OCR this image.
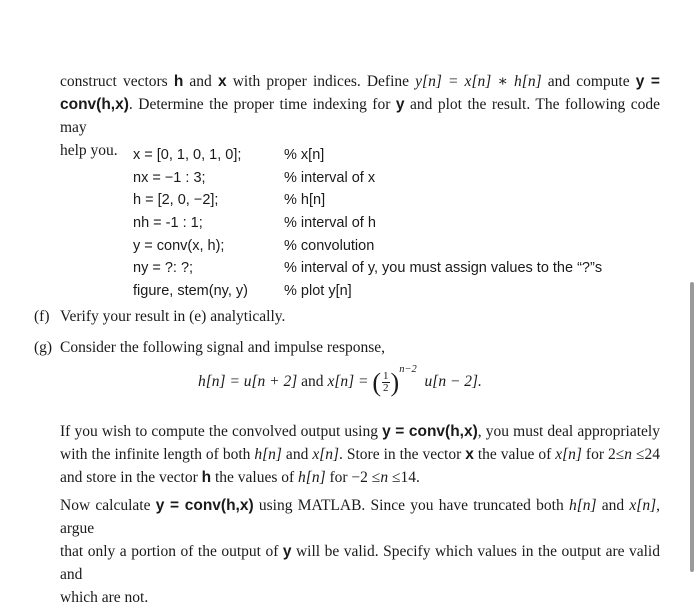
construct vectors h and x with proper indices. Define y[n] = x[n] ∗ h[n] and compute y =
conv(h,x). Determine the proper time indexing for y and plot the result. The following code may
help you.	x = [0, 1, 0, 1, 0];	% x[n]
nx = −1 : 3;	% interval of x
h = [2, 0, −2];	% h[n]
nh = -1 : 1;	% interval of h
y = conv(x, h);	% convolution
ny = ?: ?;	% interval of y, you must assign values to the “?”s
figure, stem(ny, y) % plot y[n]
(f) Verify your result in (e) analytically.
(g) Consider the following signal and impulse response,
h[n] = u[n + 2] and x[n] = ( $\frac{1}{2} )^{n-2}$  u[n − 2].
If you wish to compute the convolved output using y = conv(h,x), you must deal appropriately
with the infinite length of both h[n] and x[n]. Store in the vector x the value of x[n] for 2≤n ≤24
and store in the vector h the values of h[n] for −2 ≤n ≤14.
Now calculate y = conv(h,x) using MATLAB. Since you have truncated both h[n] and x[n], argue
that only a portion of the output of y will be valid. Specify which values in the output are valid and
which are not.
